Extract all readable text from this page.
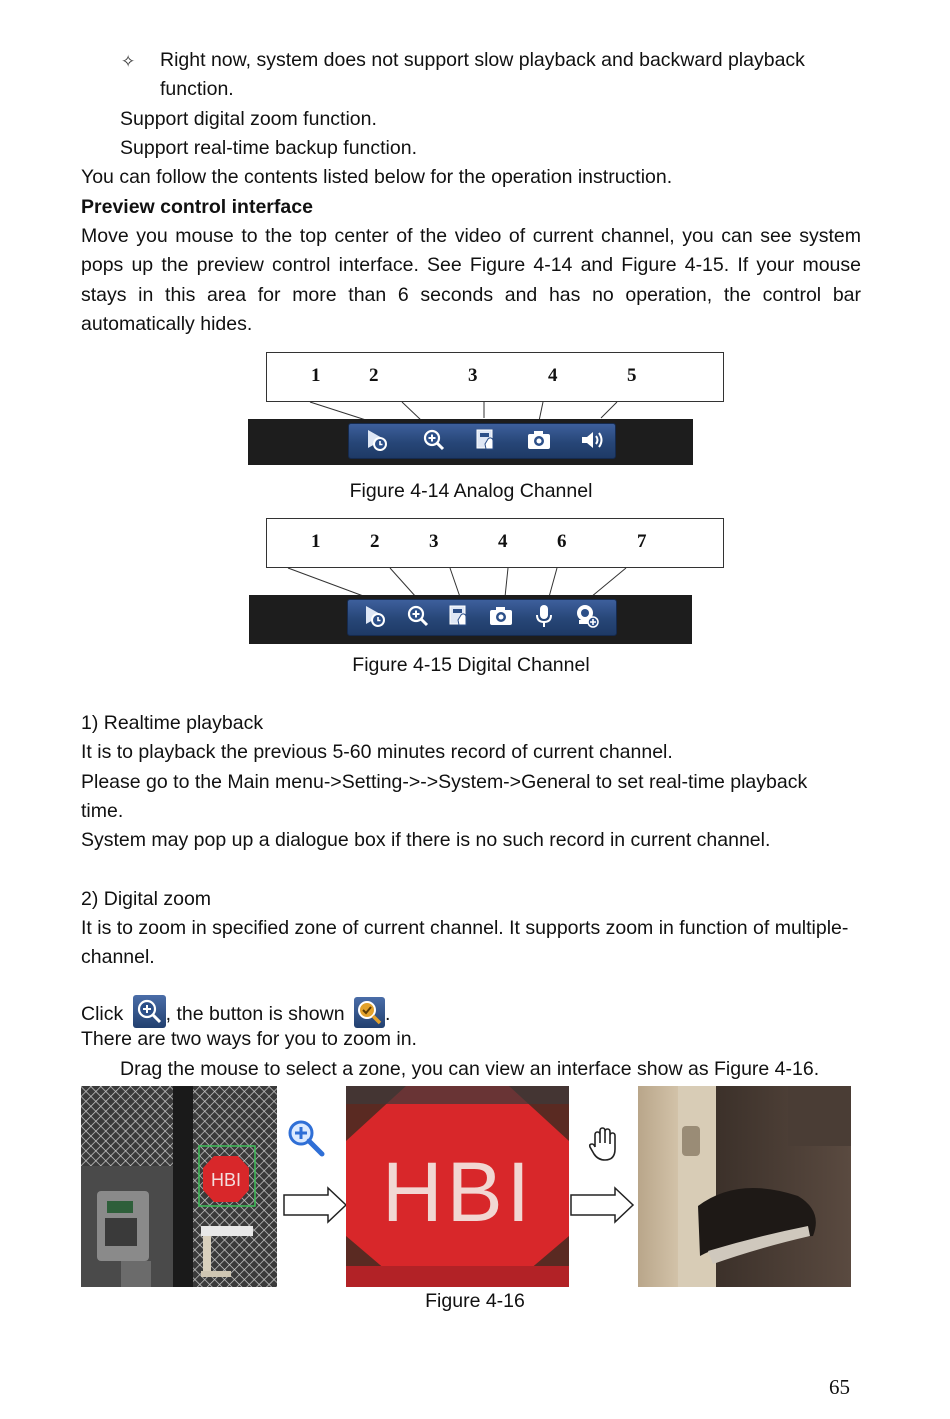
✧ Right now, system does not support slow playback and backward playback
function.
Support digital zoom function.
Support real-time backup function.
You can follow the contents listed below for the operation instruction.
Preview control interface
Move you mouse to the top center of the video of current channel, you can see system pops up the preview control interface. See Figure 4-14 and Figure 4-15. If your mouse stays in this area for more than 6 seconds and has no operation, the control bar automatically hides.
1	2	3	4	5
Figure 4-14 Analog Channel
1	2	3	4	6	7
Figure 4-15 Digital Channel
1) Realtime playback
It is to playback the previous 5-60 minutes record of current channel.
Please go to the Main menu->Setting->->System->General to set real-time playback
time.
System may pop up a dialogue box if there is no such record in current channel.
2) Digital zoom
It is to zoom in specified zone of current channel. It supports zoom in function of multiple-
channel.
Click , the button is shown .
There are two ways for you to zoom in.
Drag the mouse to select a zone, you can view an interface show as Figure 4-16.
HBI HBI
Figure 4-16
65
